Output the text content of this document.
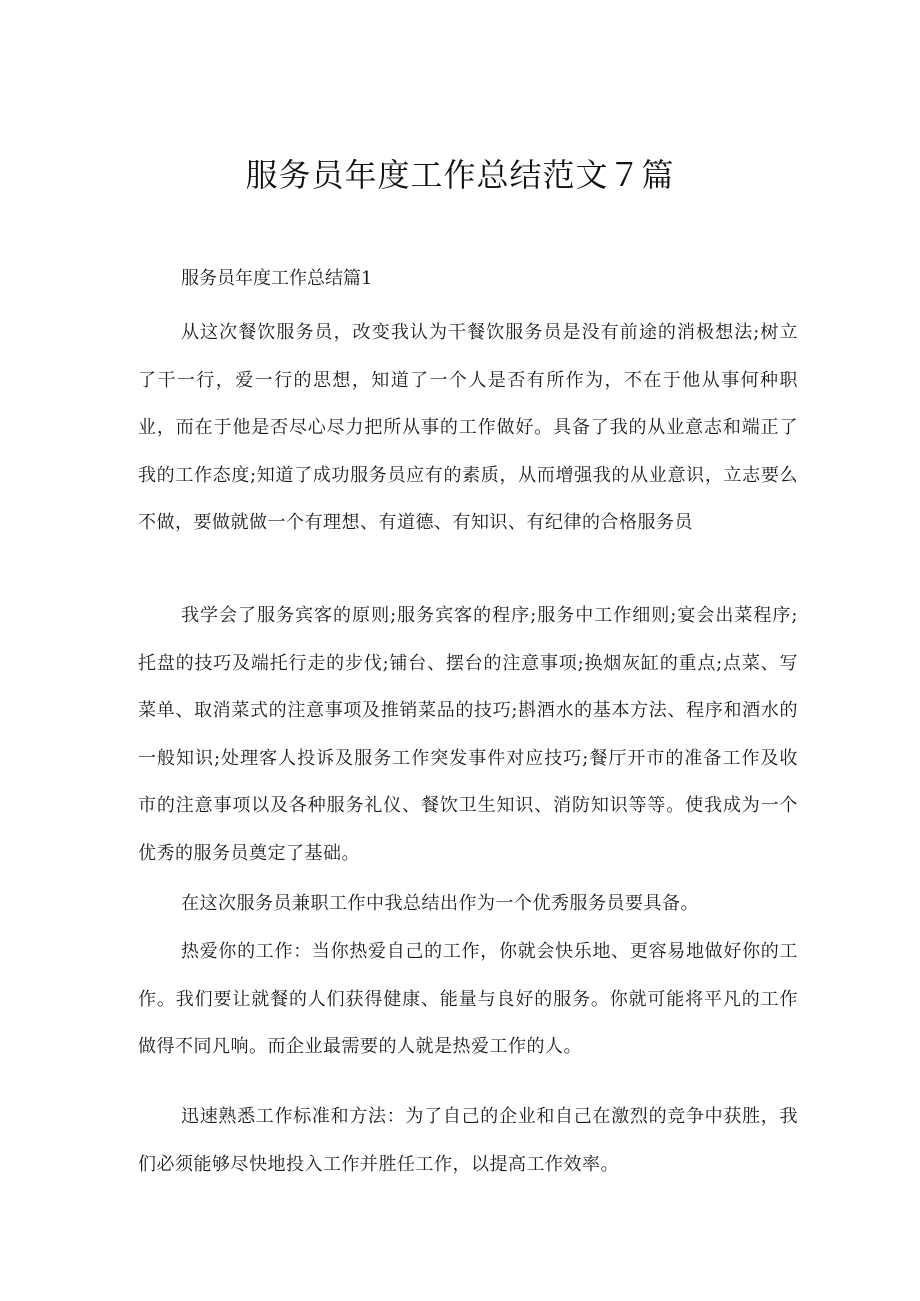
服务员年度工作总结范文７篇

服务员年度工作总结篇1

从这次餐饮服务员，改变我认为干餐饮服务员是没有前途的消极想法;树立了干一行，爱一行的思想，知道了一个人是否有所作为，不在于他从事何种职业，而在于他是否尽心尽力把所从事的工作做好。具备了我的从业意志和端正了我的工作态度;知道了成功服务员应有的素质，从而增强我的从业意识，立志要么不做，要做就做一个有理想、有道德、有知识、有纪律的合格服务员

我学会了服务宾客的原则;服务宾客的程序;服务中工作细则;宴会出菜程序;托盘的技巧及端托行走的步伐;铺台、摆台的注意事项;换烟灰缸的重点;点菜、写菜单、取消菜式的注意事项及推销菜品的技巧;斟酒水的基本方法、程序和酒水的一般知识;处理客人投诉及服务工作突发事件对应技巧;餐厅开市的准备工作及收市的注意事项以及各种服务礼仪、餐饮卫生知识、消防知识等等。使我成为一个优秀的服务员奠定了基础。

在这次服务员兼职工作中我总结出作为一个优秀服务员要具备。

热爱你的工作：当你热爱自己的工作，你就会快乐地、更容易地做好你的工作。我们要让就餐的人们获得健康、能量与良好的服务。你就可能将平凡的工作做得不同凡响。而企业最需要的人就是热爱工作的人。

迅速熟悉工作标准和方法：为了自己的企业和自己在激烈的竞争中获胜，我们必须能够尽快地投入工作并胜任工作，以提高工作效率。
